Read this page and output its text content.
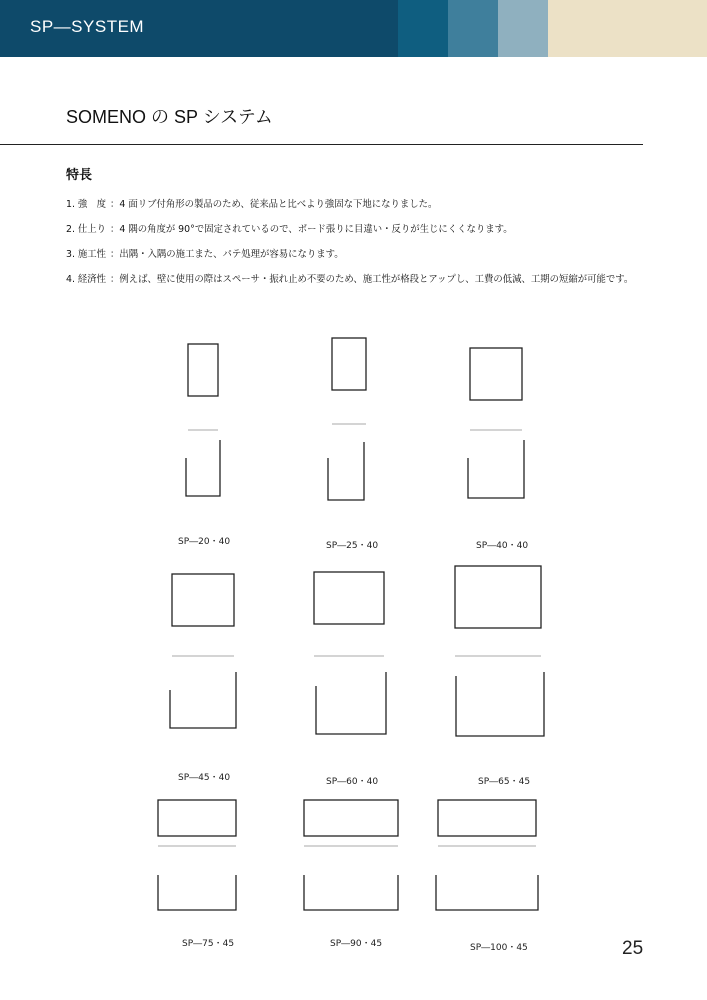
SP―SYSTEM
SOMENO の SP システム
特長
1. 強　度 ：4 面リブ付角形の製品のため、従来品と比べより強固な下地になりました。
2. 仕上り ：4 隅の角度が 90°で固定されているので、ボード張りに目違い・反りが生じにくくなります。
3. 施工性 ：出隅・入隅の施工また、パテ処理が容易になります。
4. 経済性 ：例えば、壁に使用の際はスペーサ・振れ止め不要のため、施工性が格段とアップし、工費の低減、工期の短縮が可能です。
SP―20・40	SP―25・40	SP―40・40
SP―45・40	SP―60・40	SP―65・45
SP―75・45	SP―90・45	SP―100・45	25
